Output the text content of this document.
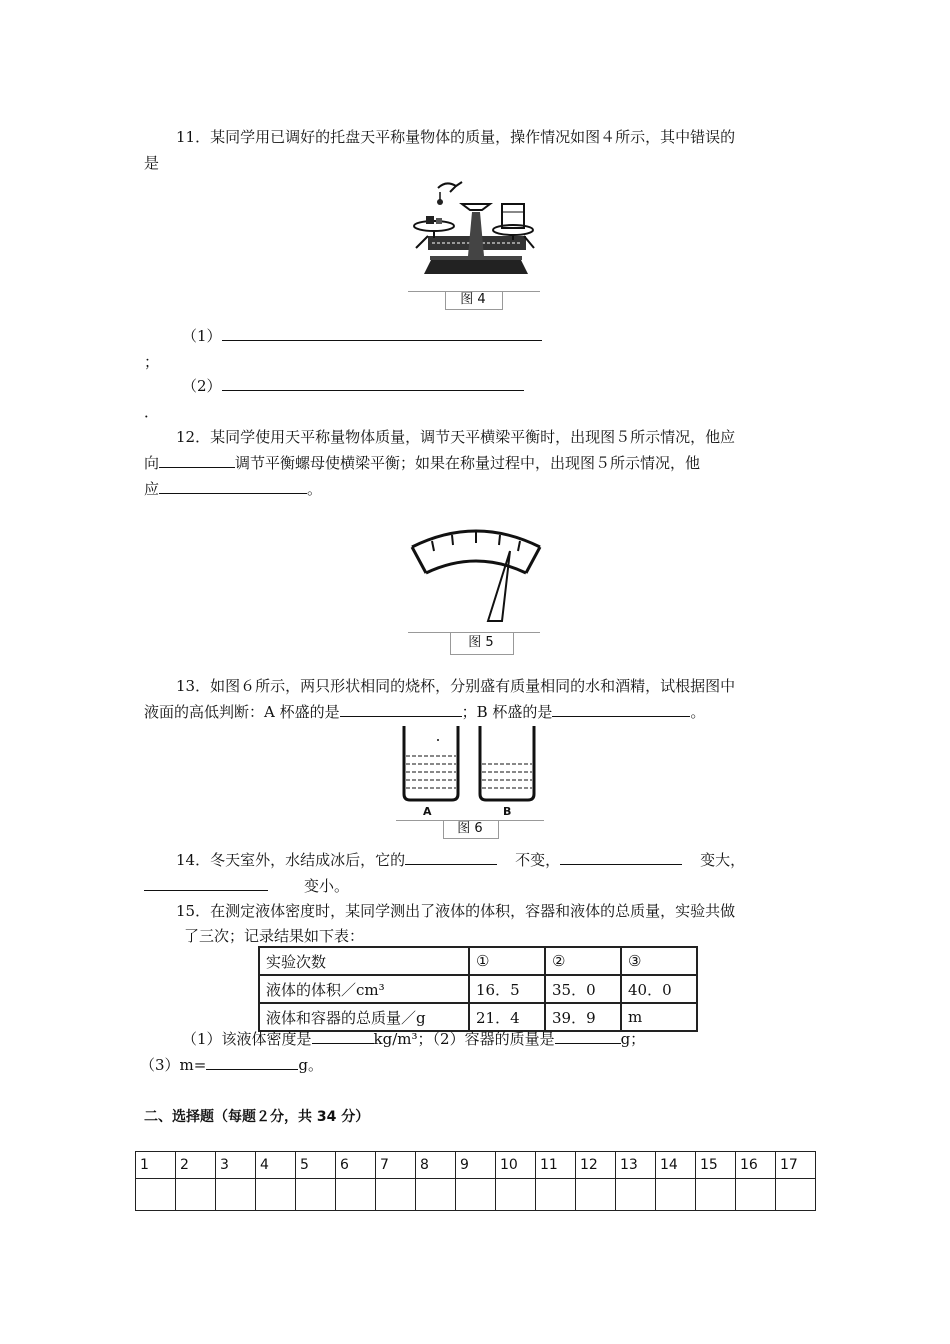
11．某同学用已调好的托盘天平称量物体的质量，操作情况如图４所示，其中错误的
是
图 4
（1）
；
（2）
．
12．某同学使用天平称量物体质量，调节天平横梁平衡时，出现图５所示情况，他应
向	调节平衡螺母使横梁平衡；如果在称量过程中，出现图５所示情况，他
应	。
图 5
13．如图６所示，两只形状相同的烧杯，分别盛有质量相同的水和酒精，试根据图中
液面的高低判断：A 杯盛的是	；B 杯盛的是	。
A	B
图 6
14．冬天室外，水结成冰后，它的	不变，	变大，
变小。
15．在测定液体密度时，某同学测出了液体的体积，容器和液体的总质量，实验共做
了三次；记录结果如下表：
实验次数	①	②	③
液体的体积／cm³	16．5	35．0	40．0
液体和容器的总质量／g	21．4	39．9	m
（1）该液体密度是	kg/m³；（2）容器的质量是	g；
（3）m=	g。
二、选择题（每题２分，共 34 分）
1	2	3	4	5	6	7	8	9	10	11	12	13	14	15	16	17
